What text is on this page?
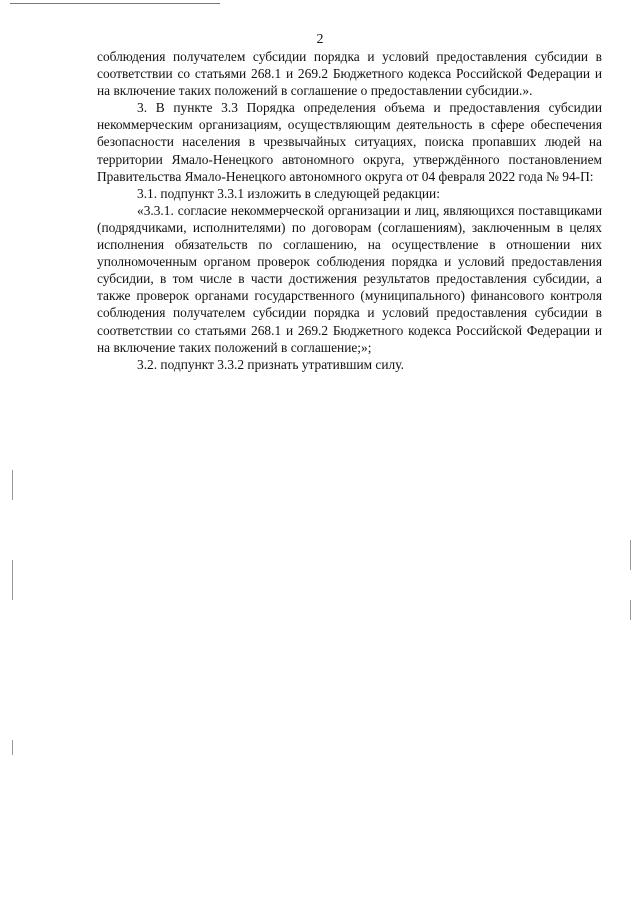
2

соблюдения получателем субсидии порядка и условий предоставления субсидии в соответствии со статьями 268.1 и 269.2 Бюджетного кодекса Российской Федерации и на включение таких положений в соглашение о предоставлении субсидии.».

3. В пункте 3.3 Порядка определения объема и предоставления субсидии некоммерческим организациям, осуществляющим деятельность в сфере обеспечения безопасности населения в чрезвычайных ситуациях, поиска пропавших людей на территории Ямало-Ненецкого автономного округа, утверждённого постановлением Правительства Ямало-Ненецкого автономного округа от 04 февраля 2022 года № 94-П:

3.1. подпункт 3.3.1 изложить в следующей редакции:

«3.3.1. согласие некоммерческой организации и лиц, являющихся поставщиками (подрядчиками, исполнителями) по договорам (соглашениям), заключенным в целях исполнения обязательств по соглашению, на осуществление в отношении них уполномоченным органом проверок соблюдения порядка и условий предоставления субсидии, в том числе в части достижения результатов предоставления субсидии, а также проверок органами государственного (муниципального) финансового контроля соблюдения получателем субсидии порядка и условий предоставления субсидии в соответствии со статьями 268.1 и 269.2 Бюджетного кодекса Российской Федерации и на включение таких положений в соглашение;»;

3.2. подпункт 3.3.2 признать утратившим силу.
